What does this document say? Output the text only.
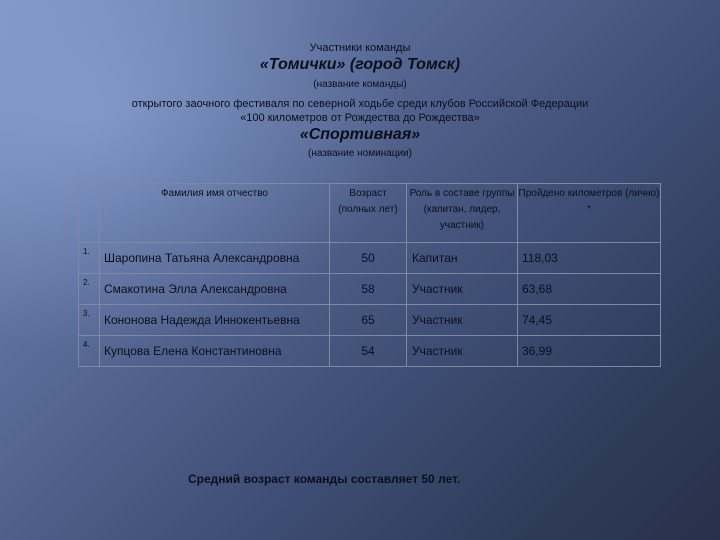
Участники команды
«Томички» (город Томск)
(название команды)
открытого заочного фестиваля по северной ходьбе среди клубов Российской Федерации
«100 километров от Рождества до Рождества»
«Спортивная»
(название номинации)
	Фамилия имя отчество	Возраст (полных лет)	Роль в составе группы (капитан, лидер, участник)	Пройдено километров (лично) *
1.	Шаропина Татьяна Александровна	50	Капитан	118,03
2.	Смакотина Элла Александровна	58	Участник	63,68
3.	Кононова Надежда Иннокентьевна	65	Участник	74,45
4.	Купцова Елена Константиновна	54	Участник	36,99
Средний возраст команды составляет 50 лет.
